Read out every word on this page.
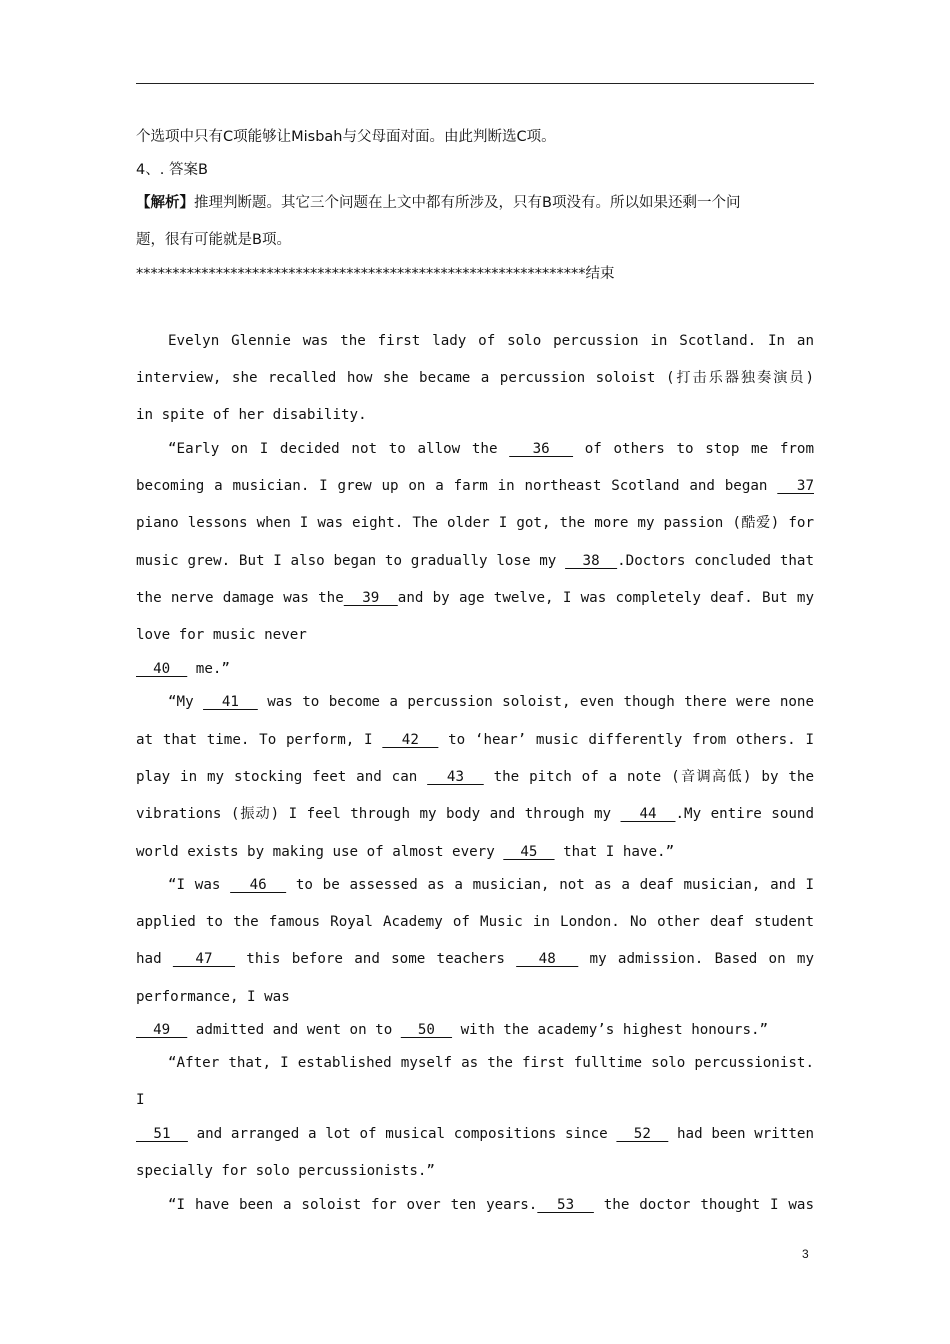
个选项中只有C项能够让Misbah与父母面对面。由此判断选C项。
4、. 答案B
【解析】推理判断题。其它三个问题在上文中都有所涉及，只有B项没有。所以如果还剩一个问
题，很有可能就是B项。
**************************************************************结束
Evelyn Glennie was the first lady of solo percussion in Scotland. In an
interview, she recalled how she became a percussion soloist (打击乐器独奏演员)
in spite of her disability.
“Early on I decided not to allow the   36   of others to stop me from
becoming a musician. I grew up on a farm in northeast Scotland and began   37
piano lessons when I was eight. The older I got, the more my passion (酷爱) for
music grew. But I also began to gradually lose my   38  .Doctors concluded that
the nerve damage was the  39  and by age twelve, I was completely deaf. But my
love for music never
40   me.”
“My   41   was to become a percussion soloist, even though there were none
at that time. To perform, I   42   to ‘hear’ music differently from others. I
play in my stocking feet and can   43   the pitch of a note (音调高低) by the
vibrations (振动) I feel through my body and through my   44  .My entire sound
world exists by making use of almost every   45   that I have.”
“I was   46   to be assessed as a musician, not as a deaf musician, and I
applied to the famous Royal Academy of Music in London. No other deaf student
had   47   this before and some teachers   48   my admission. Based on my
performance, I was
49   admitted and went on to   50   with the academy’s highest honours.”
“After that, I established myself as the first fulltime solo percussionist.
I
51   and arranged a lot of musical compositions since   52   had been written
specially for solo percussionists.”
“I have been a soloist for over ten years.  53   the doctor thought I was
3
